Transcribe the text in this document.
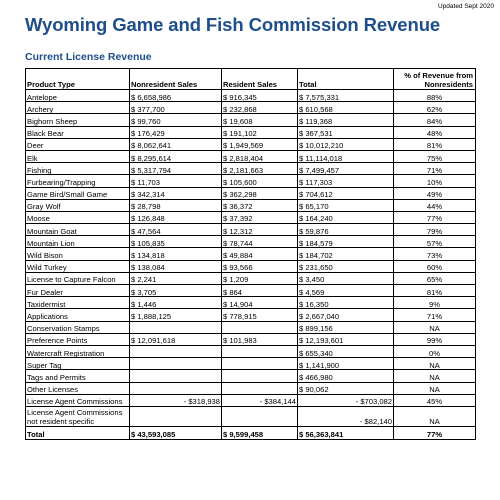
Updated Sept 2020
Wyoming Game and Fish Commission Revenue
Current License Revenue
Product Type	Nonresident Sales	Resident Sales	Total	% of Revenue from Nonresidents
Antelope	$ 6,658,986	$ 916,345	$ 7,575,331	88%
Archery	$ 377,700	$ 232,868	$ 610,568	62%
Bighorn Sheep	$ 99,760	$ 19,608	$ 119,368	84%
Black Bear	$ 176,429	$ 191,102	$ 367,531	48%
Deer	$ 8,062,641	$ 1,949,569	$ 10,012,210	81%
Elk	$ 8,295,614	$ 2,818,404	$ 11,114,018	75%
Fishing	$ 5,317,794	$ 2,181,663	$ 7,499,457	71%
Furbearing/Trapping	$ 11,703	$ 105,600	$ 117,303	10%
Game Bird/Small Game	$ 342,314	$ 362,298	$ 704,612	49%
Gray Wolf	$ 28,798	$ 36,372	$ 65,170	44%
Moose	$ 126,848	$ 37,392	$ 164,240	77%
Mountain Goat	$ 47,564	$ 12,312	$ 59,876	79%
Mountain Lion	$ 105,835	$ 78,744	$ 184,579	57%
Wild Bison	$ 134,818	$ 49,884	$ 184,702	73%
Wild Turkey	$ 138,084	$ 93,566	$ 231,650	60%
License to Capture Falcon	$ 2,241	$ 1,209	$ 3,450	65%
Fur Dealer	$ 3,705	$ 864	$ 4,569	81%
Taxidermist	$ 1,446	$ 14,904	$ 16,350	9%
Applications	$ 1,888,125	$ 778,915	$ 2,667,040	71%
Conservation Stamps			$ 899,156	NA
Preference Points	$ 12,091,618	$ 101,983	$ 12,193,601	99%
Watercraft Registration			$ 655,340	0%
Super Tag			$ 1,141,900	NA
Tags and Permits			$ 466,980	NA
Other Licenses			$ 90,062	NA
License Agent Commissions	- $318,938	- $384,144	- $703,082	45%
License Agent Commissions not resident specific			- $82,140	NA
Total	$ 43,593,085	$ 9,599,458	$ 56,363,841	77%
